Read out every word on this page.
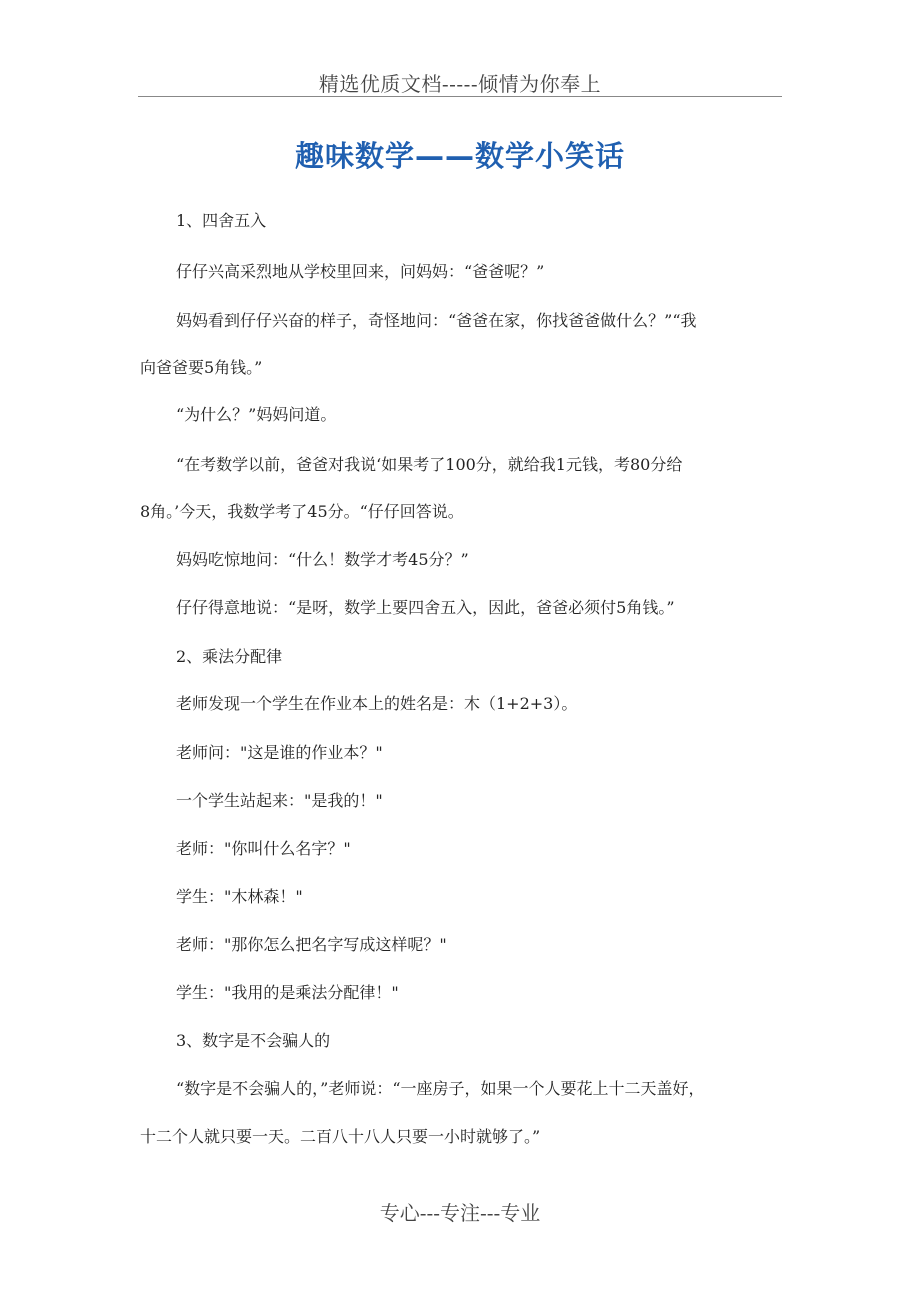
精选优质文档-----倾情为你奉上
趣味数学——数学小笑话
1、四舍五入
仔仔兴高采烈地从学校里回来，问妈妈：“爸爸呢？”
妈妈看到仔仔兴奋的样子，奇怪地问：“爸爸在家，你找爸爸做什么？”“我
向爸爸要5角钱。”
“为什么？”妈妈问道。
“在考数学以前，爸爸对我说‘如果考了100分，就给我1元钱，考80分给
8角。’今天，我数学考了45分。“仔仔回答说。
妈妈吃惊地问：“什么！数学才考45分？”
仔仔得意地说：“是呀，数学上要四舍五入，因此，爸爸必须付5角钱。”
2、乘法分配律
老师发现一个学生在作业本上的姓名是：木（1+2+3）。
老师问："这是谁的作业本？"
一个学生站起来："是我的！"
老师："你叫什么名字？"
学生："木林森！"
老师："那你怎么把名字写成这样呢？"
学生："我用的是乘法分配律！"
3、数字是不会骗人的
“数字是不会骗人的，”老师说：“一座房子，如果一个人要花上十二天盖好，
十二个人就只要一天。二百八十八人只要一小时就够了。”
专心---专注---专业
